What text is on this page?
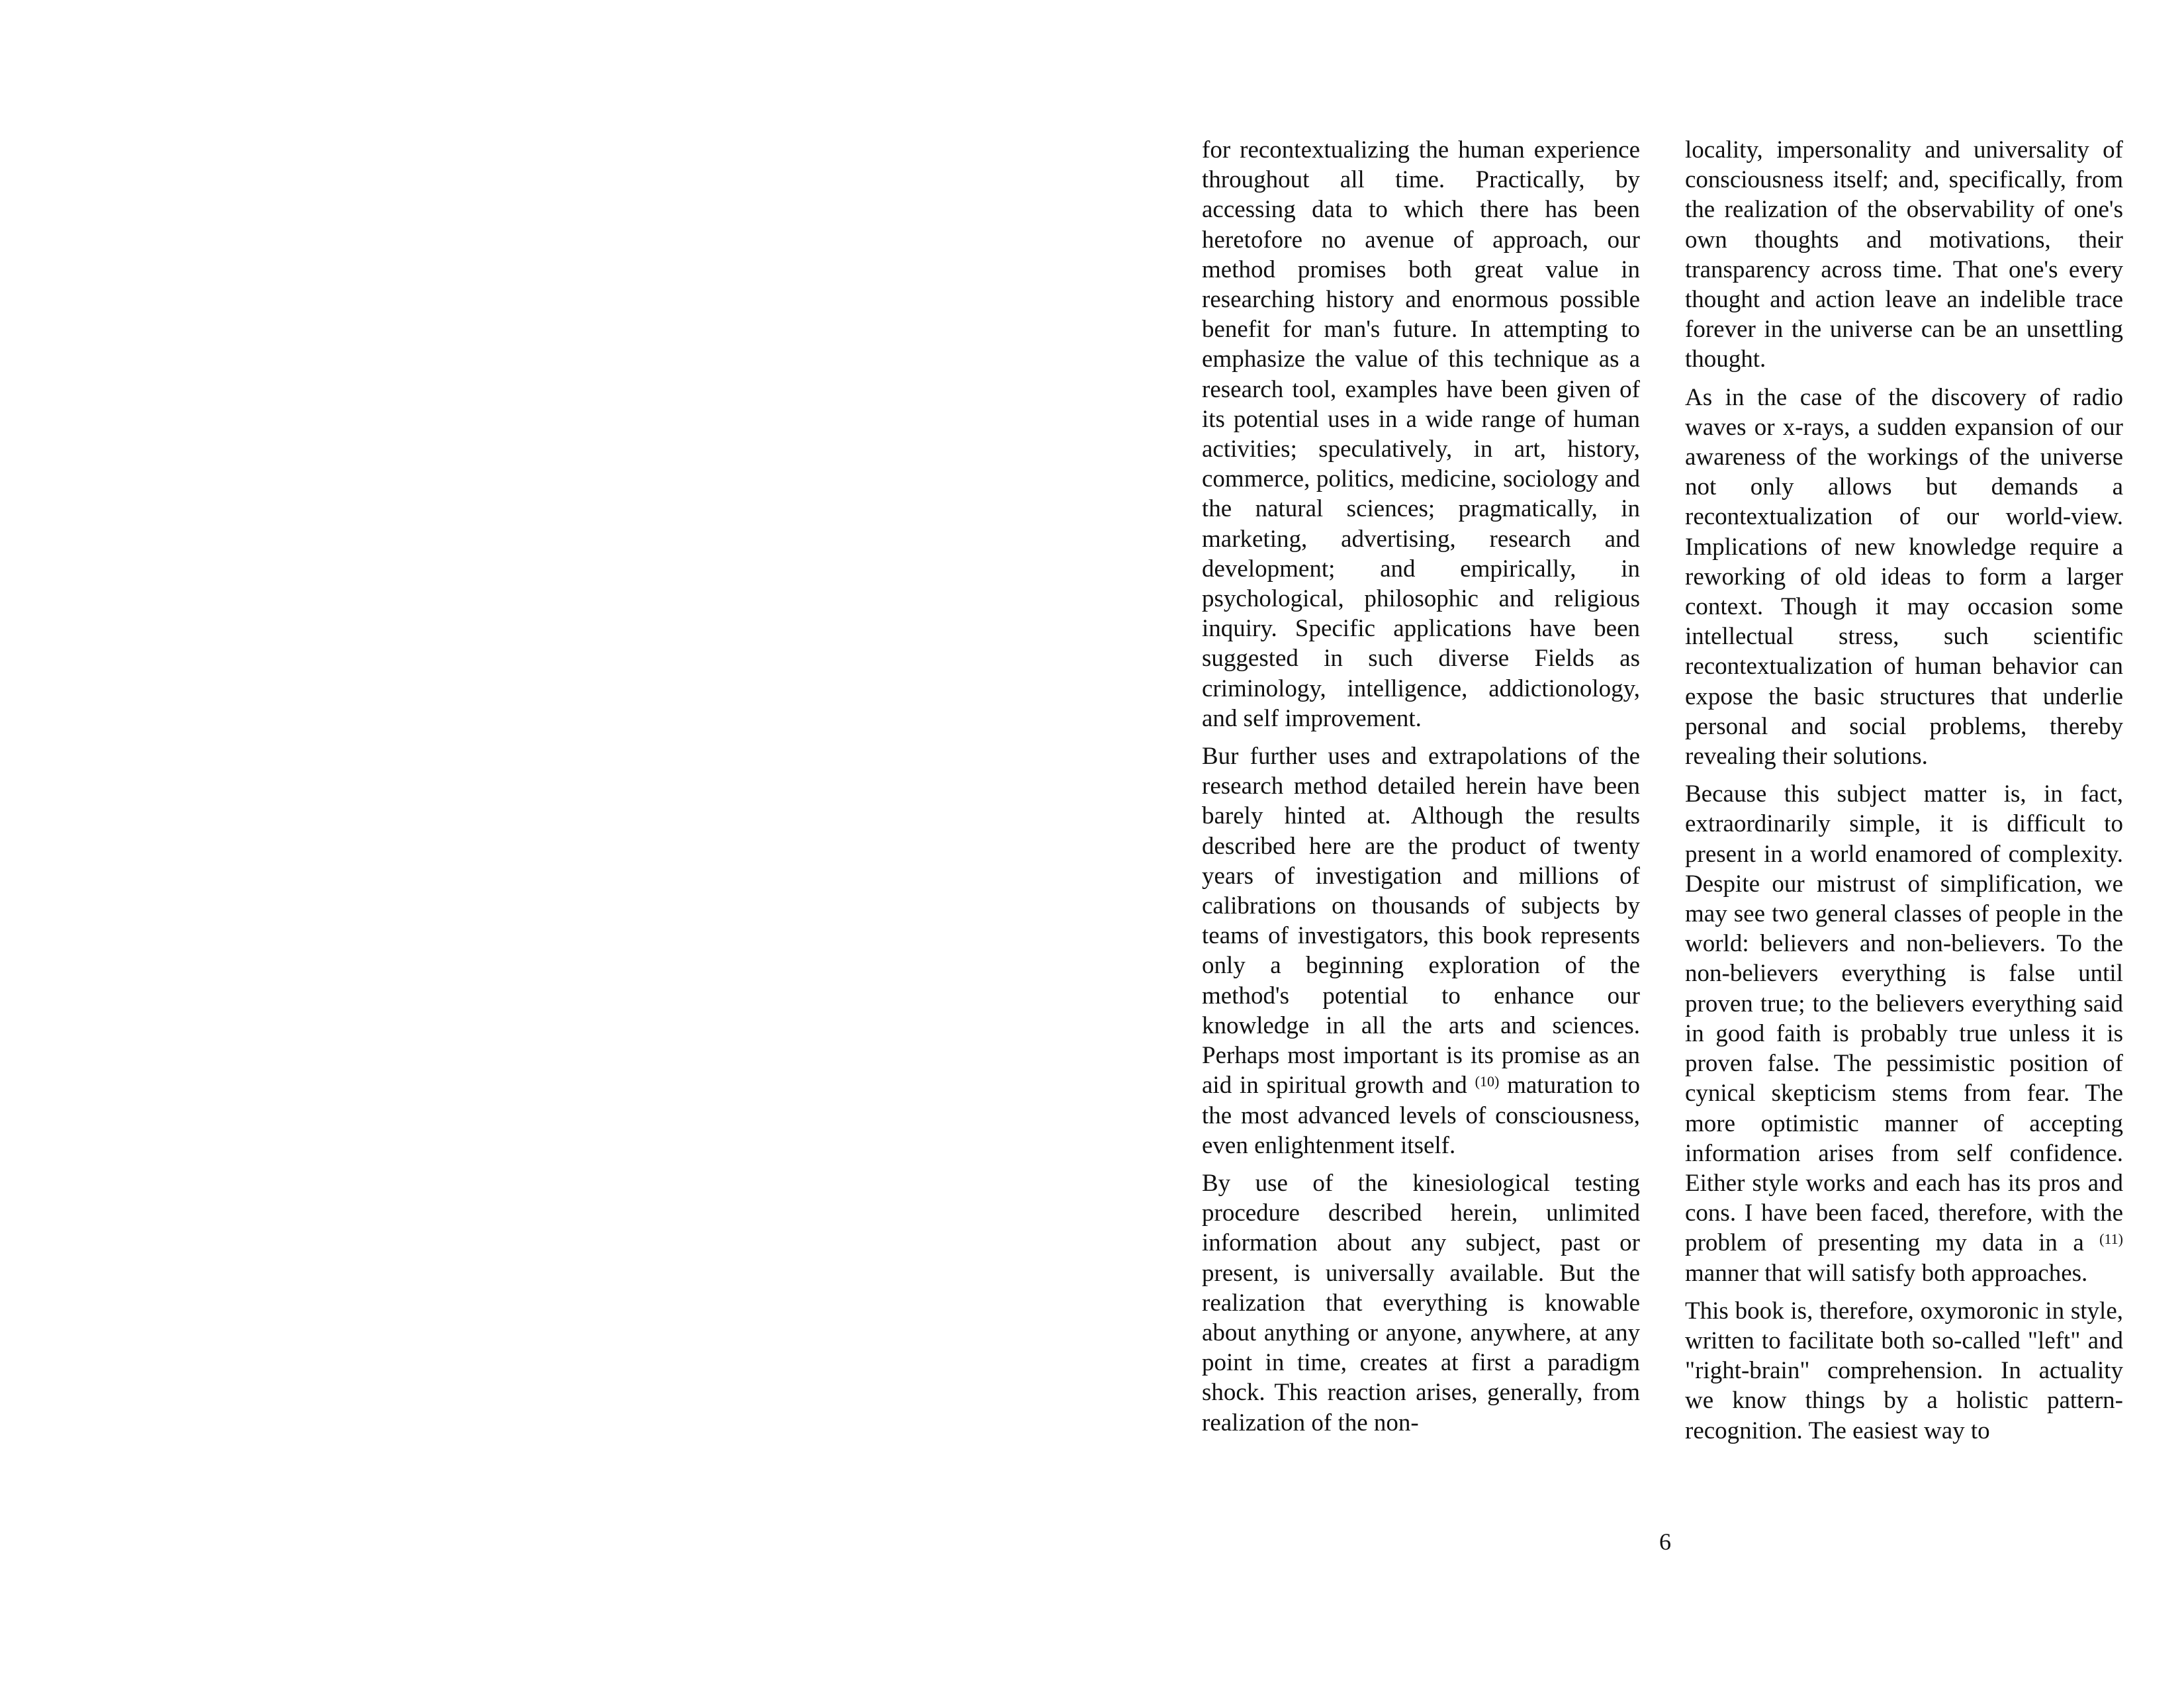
for recontextualizing the human experience throughout all time. Practically, by accessing data to which there has been heretofore no avenue of approach, our method promises both great value in researching history and enormous possible benefit for man's future. In attempting to emphasize the value of this technique as a research tool, examples have been given of its potential uses in a wide range of human activities; speculatively, in art, history, commerce, politics, medicine, sociology and the natural sciences; pragmatically, in marketing, advertising, research and development; and empirically, in psychological, philosophic and religious inquiry. Specific applications have been suggested in such diverse Fields as criminology, intelligence, addictionology, and self improvement.

Bur further uses and extrapolations of the research method detailed herein have been barely hinted at. Although the results described here are the product of twenty years of investigation and millions of calibrations on thousands of subjects by teams of investigators, this book represents only a beginning exploration of the method's potential to enhance our knowledge in all the arts and sciences. Perhaps most important is its promise as an aid in spiritual growth and $^{(10)}$ maturation to the most advanced levels of consciousness, even enlightenment itself.

By use of the kinesiological testing procedure described herein, unlimited information about any subject, past or present, is universally available. But the realization that everything is knowable about anything or anyone, anywhere, at any point in time, creates at first a paradigm shock. This reaction arises, generally, from realization of the non-

locality, impersonality and universality of consciousness itself; and, specifically, from the realization of the observability of one's own thoughts and motivations, their transparency across time. That one's every thought and action leave an indelible trace forever in the universe can be an unsettling thought.

As in the case of the discovery of radio waves or x-rays, a sudden expansion of our awareness of the workings of the universe not only allows but demands a recontextualization of our world-view. Implications of new knowledge require a reworking of old ideas to form a larger context. Though it may occasion some intellectual stress, such scientific recontextualization of human behavior can expose the basic structures that underlie personal and social problems, thereby revealing their solutions.

Because this subject matter is, in fact, extraordinarily simple, it is difficult to present in a world enamored of complexity. Despite our mistrust of simplification, we may see two general classes of people in the world: believers and non-believers. To the non-believers everything is false until proven true; to the believers everything said in good faith is probably true unless it is proven false. The pessimistic position of cynical skepticism stems from fear. The more optimistic manner of accepting information arises from self confidence. Either style works and each has its pros and cons. I have been faced, therefore, with the problem of presenting my data in a $^{(11)}$ manner that will satisfy both approaches.

This book is, therefore, oxymoronic in style, written to facilitate both so-called "left" and "right-brain" comprehension. In actuality we know things by a holistic pattern-recognition. The easiest way to

6
